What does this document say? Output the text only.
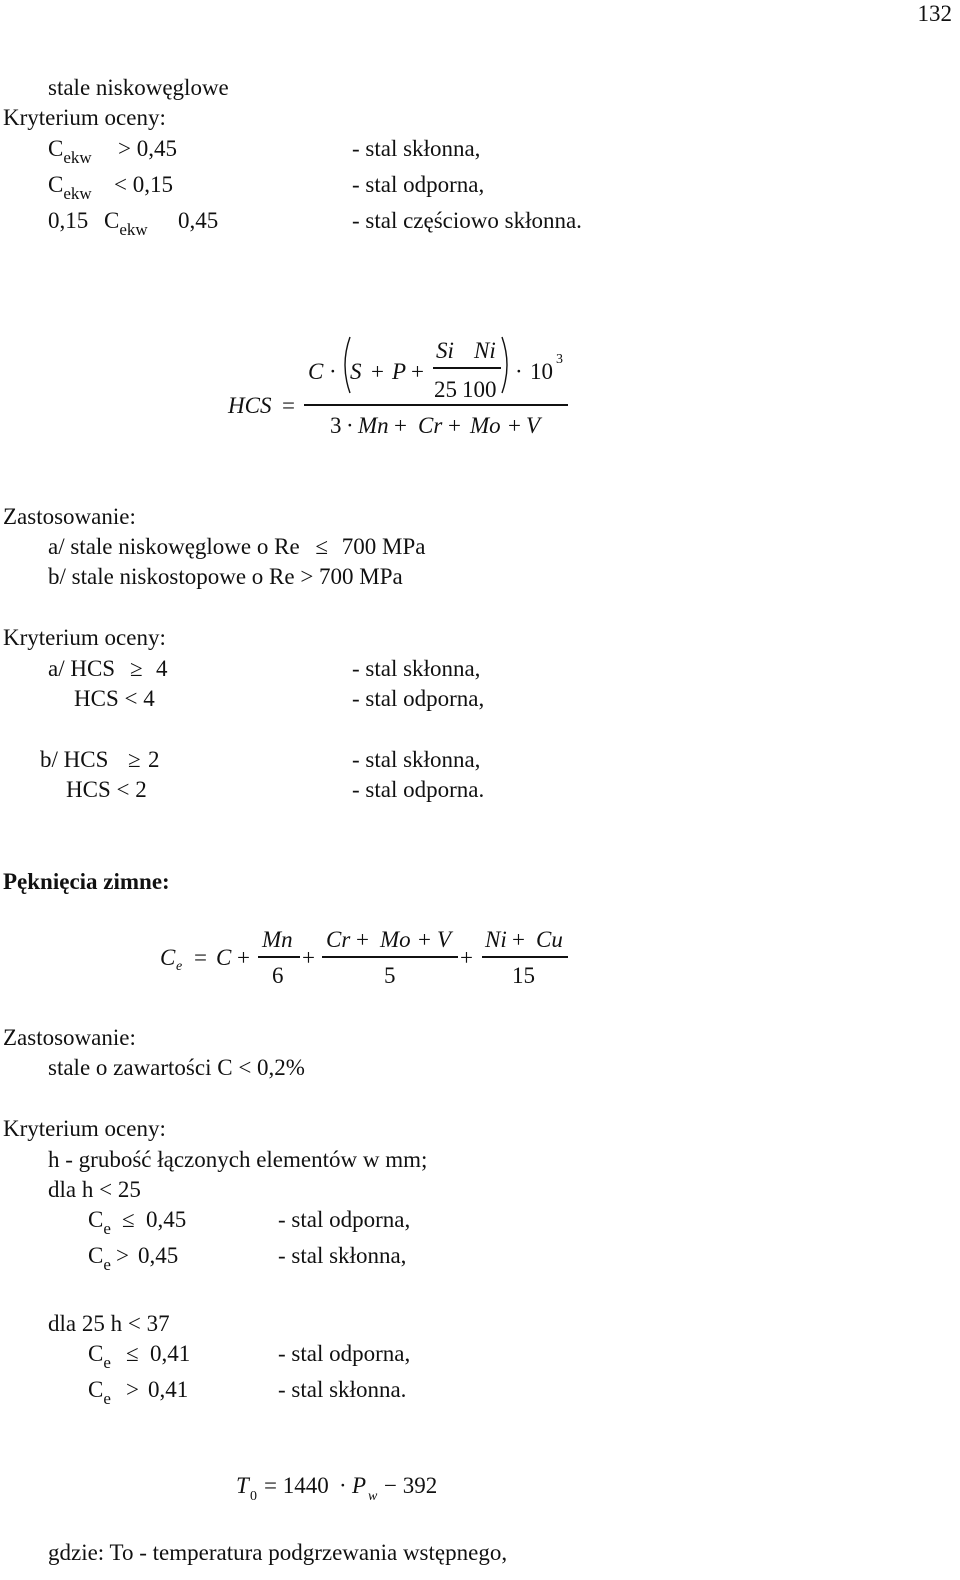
132
stale niskowęglowe
Kryterium oceny:
$C_{ekw} > 0,45$	- stal skłonna,
$C_{ekw} < 0,15$	- stal odporna,
0,15 $C_{ekw}$ 0,45	- stal częściowo skłonna.
HCS =
C · S + P +
Si Ni
25 100
· 10 3
3 · Mn + Cr + Mo + V
Zastosowanie:
a/ stale niskowęglowe o Re ≤ 700 MPa
b/ stale niskostopowe o Re > 700 MPa
Kryterium oceny:
a/ HCS ≥ 4	- stal skłonna,
HCS < 4	- stal odporna,
b/ HCS ≥ 2	- stal skłonna,
HCS < 2	- stal odporna.
Pęknięcia zimne:
C e = C +
Mn
6
+
Cr + Mo + V
5
+
Ni + Cu
15
Zastosowanie:
stale o zawartości C < 0,2%
Kryterium oceny:
h - grubość łączonych elementów w mm;
dla h < 25
$C_e \le 0,45$	- stal odporna,
$C_e > 0,45$	- stal skłonna,
dla 25 h < 37
$C_e \le 0,41$	- stal odporna,
$C_e > 0,41$	- stal skłonna.
T 0 = 1440 · P w − 392
gdzie: To - temperatura podgrzewania wstępnego,
